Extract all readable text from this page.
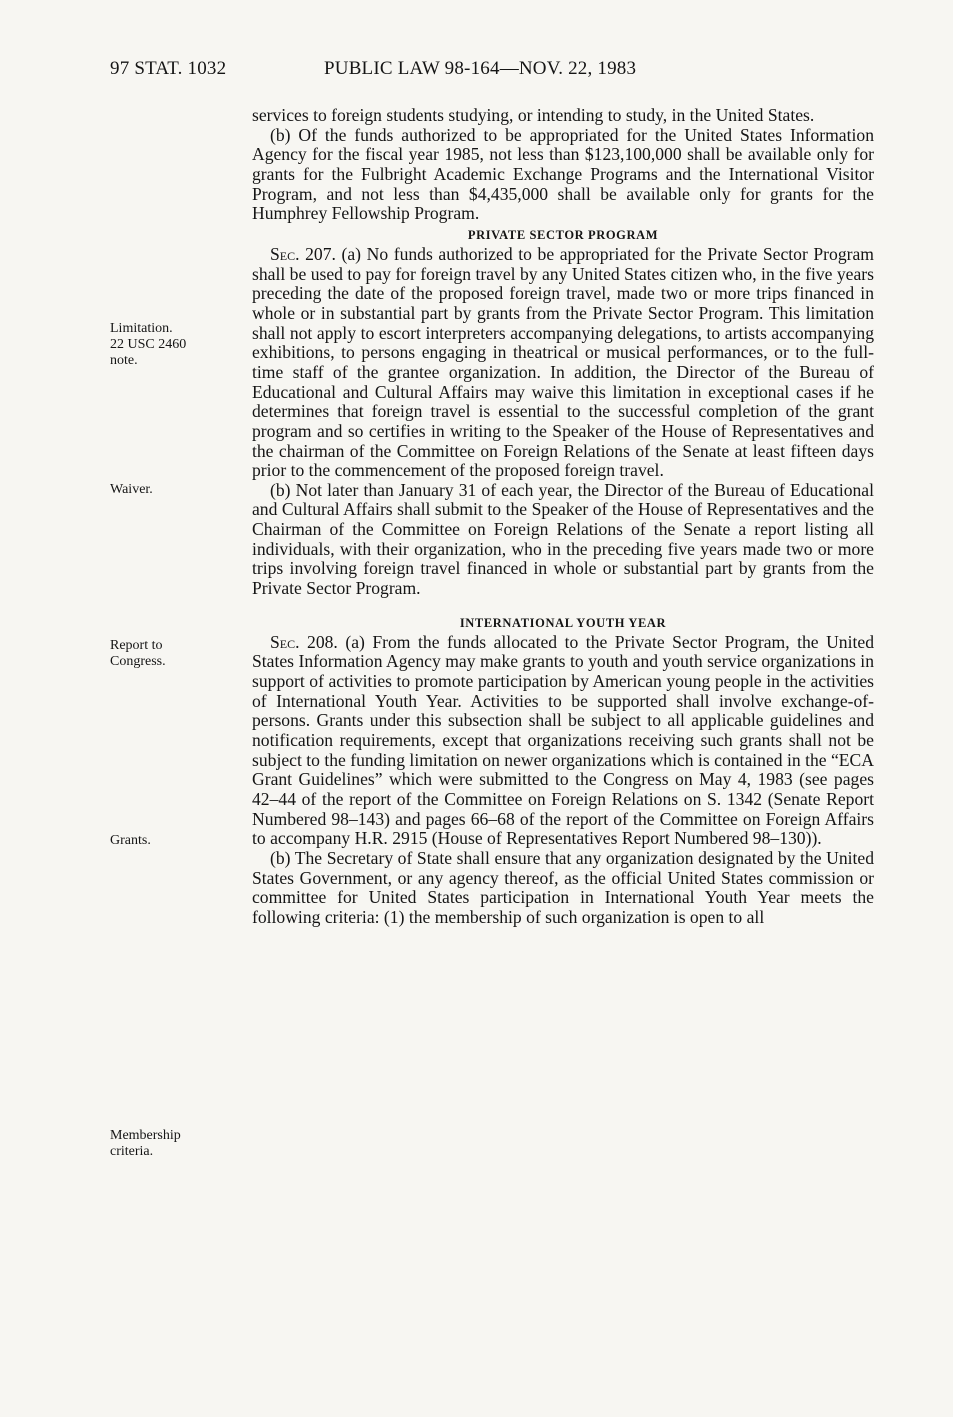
97 STAT. 1032	PUBLIC LAW 98-164—NOV. 22, 1983
Limitation.
22 USC 2460
note.
Waiver.
Report to
Congress.
Grants.
Membership
criteria.

services to foreign students studying, or intending to study, in the United States.

(b) Of the funds authorized to be appropriated for the United States Information Agency for the fiscal year 1985, not less than $123,100,000 shall be available only for grants for the Fulbright Academic Exchange Programs and the International Visitor Program, and not less than $4,435,000 shall be available only for grants for the Humphrey Fellowship Program.

PRIVATE SECTOR PROGRAM

Sec. 207. (a) No funds authorized to be appropriated for the Private Sector Program shall be used to pay for foreign travel by any United States citizen who, in the five years preceding the date of the proposed foreign travel, made two or more trips financed in whole or in substantial part by grants from the Private Sector Program. This limitation shall not apply to escort interpreters accompanying delegations, to artists accompanying exhibitions, to persons engaging in theatrical or musical performances, or to the full-time staff of the grantee organization. In addition, the Director of the Bureau of Educational and Cultural Affairs may waive this limitation in exceptional cases if he determines that foreign travel is essential to the successful completion of the grant program and so certifies in writing to the Speaker of the House of Representatives and the chairman of the Committee on Foreign Relations of the Senate at least fifteen days prior to the commencement of the proposed foreign travel.

(b) Not later than January 31 of each year, the Director of the Bureau of Educational and Cultural Affairs shall submit to the Speaker of the House of Representatives and the Chairman of the Committee on Foreign Relations of the Senate a report listing all individuals, with their organization, who in the preceding five years made two or more trips involving foreign travel financed in whole or substantial part by grants from the Private Sector Program.

INTERNATIONAL YOUTH YEAR

Sec. 208. (a) From the funds allocated to the Private Sector Program, the United States Information Agency may make grants to youth and youth service organizations in support of activities to promote participation by American young people in the activities of International Youth Year. Activities to be supported shall involve exchange-of-persons. Grants under this subsection shall be subject to all applicable guidelines and notification requirements, except that organizations receiving such grants shall not be subject to the funding limitation on newer organizations which is contained in the “ECA Grant Guidelines” which were submitted to the Congress on May 4, 1983 (see pages 42–44 of the report of the Committee on Foreign Relations on S. 1342 (Senate Report Numbered 98–143) and pages 66–68 of the report of the Committee on Foreign Affairs to accompany H.R. 2915 (House of Representatives Report Numbered 98–130)).

(b) The Secretary of State shall ensure that any organization designated by the United States Government, or any agency thereof, as the official United States commission or committee for United States participation in International Youth Year meets the following criteria: (1) the membership of such organization is open to all
